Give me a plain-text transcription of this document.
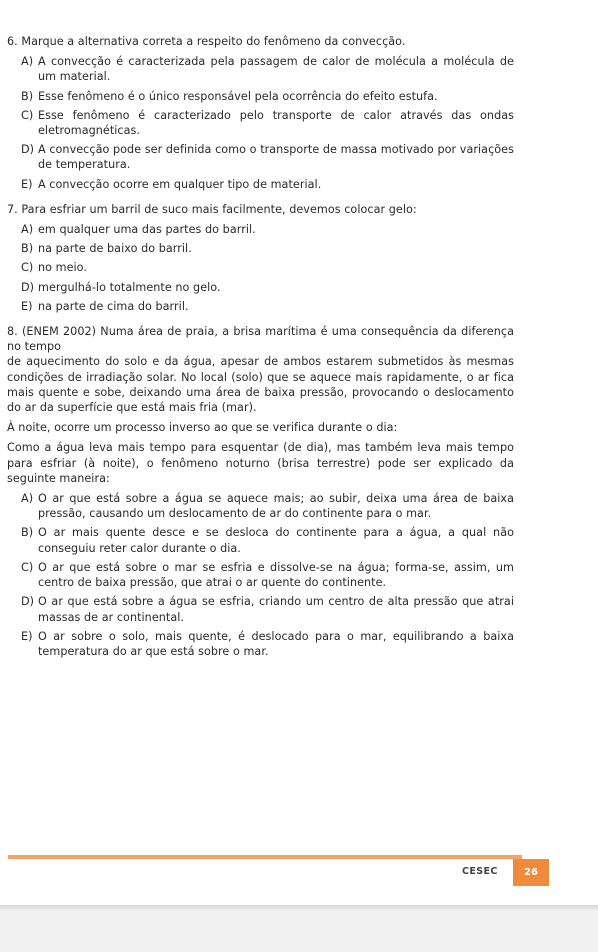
6. Marque a alternativa correta a respeito do fenômeno da convecção.
A) A convecção é caracterizada pela passagem de calor de molécula a molécula de um material.
B) Esse fenômeno é o único responsável pela ocorrência do efeito estufa.
C) Esse fenômeno é caracterizado pelo transporte de calor através das ondas eletromagnéticas.
D) A convecção pode ser definida como o transporte de massa motivado por variações de temperatura.
E) A convecção ocorre em qualquer tipo de material.
7. Para esfriar um barril de suco mais facilmente, devemos colocar gelo:
A) em qualquer uma das partes do barril.
B) na parte de baixo do barril.
C) no meio.
D) mergulhá-lo totalmente no gelo.
E) na parte de cima do barril.
8. (ENEM 2002) Numa área de praia, a brisa marítima é uma consequência da diferença no tempo
de aquecimento do solo e da água, apesar de ambos estarem submetidos às mesmas condições de irradiação solar. No local (solo) que se aquece mais rapidamente, o ar fica mais quente e sobe, deixando uma área de baixa pressão, provocando o deslocamento do ar da superfície que está mais fria (mar).
À noite, ocorre um processo inverso ao que se verifica durante o dia:
Como a água leva mais tempo para esquentar (de dia), mas também leva mais tempo para esfriar (à noite), o fenômeno noturno (brisa terrestre) pode ser explicado da seguinte maneira:
A) O ar que está sobre a água se aquece mais; ao subir, deixa uma área de baixa pressão, causando um deslocamento de ar do continente para o mar.
B) O ar mais quente desce e se desloca do continente para a água, a qual não conseguiu reter calor durante o dia.
C) O ar que está sobre o mar se esfria e dissolve-se na água; forma-se, assim, um centro de baixa pressão, que atrai o ar quente do continente.
D) O ar que está sobre a água se esfria, criando um centro de alta pressão que atrai massas de ar continental.
E) O ar sobre o solo, mais quente, é deslocado para o mar, equilibrando a baixa temperatura do ar que está sobre o mar.
CESEC	26
